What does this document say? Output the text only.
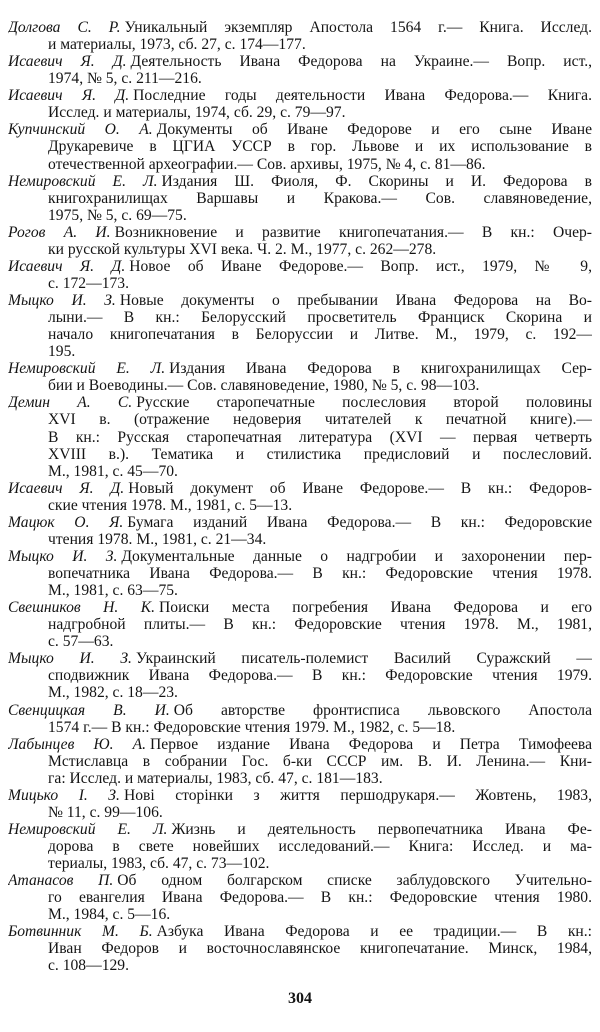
Долгова С. Р. Уникальный экземпляр Апостола 1564 г.— Книга. Исслед.
и материалы, 1973, сб. 27, с. 174—177.
Исаевич Я. Д. Деятельность Ивана Федорова на Украине.— Вопр. ист.,
1974, № 5, с. 211—216.
Исаевич Я. Д. Последние годы деятельности Ивана Федорова.— Книга.
Исслед. и материалы, 1974, сб. 29, с. 79—97.
Купчинский О. А. Документы об Иване Федорове и его сыне Иване
Друкаревиче в ЦГИА УССР в гор. Львове и их использование в
отечественной археографии.— Сов. архивы, 1975, № 4, с. 81—86.
Немировский Е. Л. Издания Ш. Фиоля, Ф. Скорины и И. Федорова в
книгохранилищах Варшавы и Кракова.— Сов. славяноведение,
1975, № 5, с. 69—75.
Рогов А. И. Возникновение и развитие книгопечатания.— В кн.: Очер-
ки русской культуры XVI века. Ч. 2. М., 1977, с. 262—278.
Исаевич Я. Д. Новое об Иване Федорове.— Вопр. ист., 1979, № 9,
с. 172—173.
Мыцко И. З. Новые документы о пребывании Ивана Федорова на Во-
лыни.— В кн.: Белорусский просветитель Франциск Скорина и
начало книгопечатания в Белоруссии и Литве. М., 1979, с. 192—
195.
Немировский Е. Л. Издания Ивана Федорова в книгохранилищах Сер-
бии и Воеводины.— Сов. славяноведение, 1980, № 5, с. 98—103.
Демин А. С. Русские старопечатные послесловия второй половины
XVI в. (отражение недоверия читателей к печатной книге).—
В кн.: Русская старопечатная литература (XVI — первая четверть
XVIII в.). Тематика и стилистика предисловий и послесловий.
М., 1981, с. 45—70.
Исаевич Я. Д. Новый документ об Иване Федорове.— В кн.: Федоров-
ские чтения 1978. М., 1981, с. 5—13.
Мацюк О. Я. Бумага изданий Ивана Федорова.— В кн.: Федоровские
чтения 1978. М., 1981, с. 21—34.
Мыцко И. З. Документальные данные о надгробии и захоронении пер-
вопечатника Ивана Федорова.— В кн.: Федоровские чтения 1978.
М., 1981, с. 63—75.
Свешников Н. К. Поиски места погребения Ивана Федорова и его
надгробной плиты.— В кн.: Федоровские чтения 1978. М., 1981,
с. 57—63.
Мыцко И. З. Украинский писатель-полемист Василий Суражский —
сподвижник Ивана Федорова.— В кн.: Федоровские чтения 1979.
М., 1982, с. 18—23.
Свенцицкая В. И. Об авторстве фронтисписа львовского Апостола
1574 г.— В кн.: Федоровские чтения 1979. М., 1982, с. 5—18.
Лабынцев Ю. А. Первое издание Ивана Федорова и Петра Тимофеева
Мстиславца в собрании Гос. б-ки СССР им. В. И. Ленина.— Кни-
га: Исслед. и материалы, 1983, сб. 47, с. 181—183.
Мицько І. З. Нові сторінки з життя першодрукаря.— Жовтень, 1983,
№ 11, с. 99—106.
Немировский Е. Л. Жизнь и деятельность первопечатника Ивана Фе-
дорова в свете новейших исследований.— Книга: Исслед. и ма-
териалы, 1983, сб. 47, с. 73—102.
Атанасов П. Об одном болгарском списке заблудовского Учительно-
го евангелия Ивана Федорова.— В кн.: Федоровские чтения 1980.
М., 1984, с. 5—16.
Ботвинник М. Б. Азбука Ивана Федорова и ее традиции.— В кн.:
Иван Федоров и восточнославянское книгопечатание. Минск, 1984,
с. 108—129.
304
